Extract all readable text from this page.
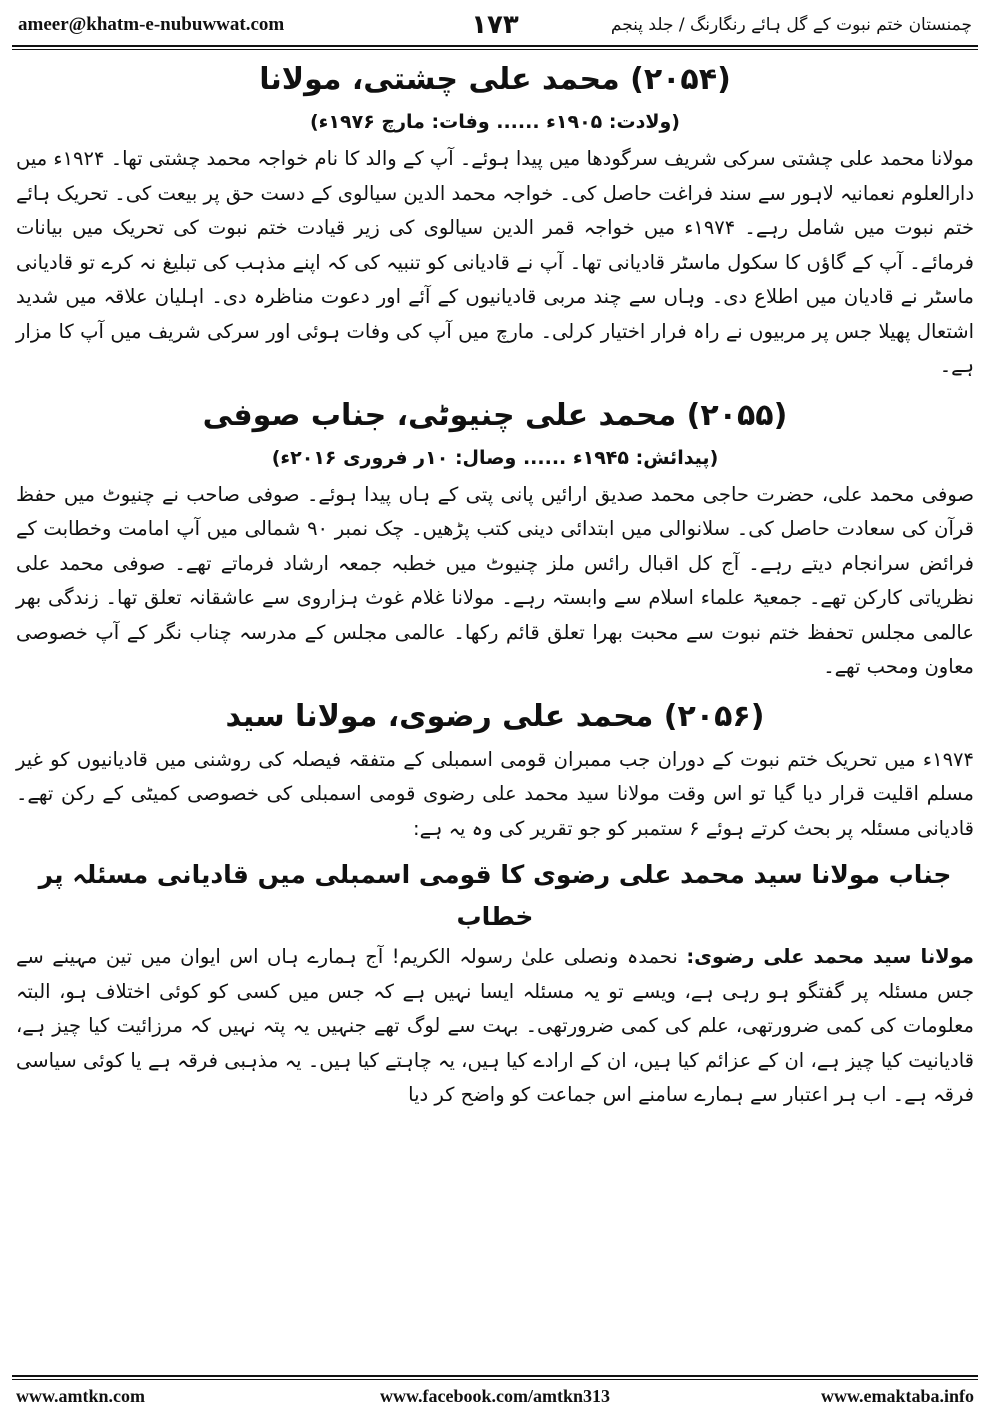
ameer@khatm-e-nubuwwat.com	۱۷۳	چمنستان ختم نبوت کے گل ہائے رنگارنگ / جلد پنجم
(۲۰۵۴) محمد علی چشتی، مولانا
(ولادت: ۱۹۰۵ء ...... وفات: مارچ ۱۹۷۶ء)

مولانا محمد علی چشتی سرکی شریف سرگودھا میں پیدا ہوئے۔ آپ کے والد کا نام خواجہ محمد چشتی تھا۔ ۱۹۲۴ء میں دارالعلوم نعمانیہ لاہور سے سند فراغت حاصل کی۔ خواجہ محمد الدین سیالوی کے دست حق پر بیعت کی۔ تحریک ہائے ختم نبوت میں شامل رہے۔ ۱۹۷۴ء میں خواجہ قمر الدین سیالوی کی زیر قیادت ختم نبوت کی تحریک میں بیانات فرمائے۔ آپ کے گاؤں کا سکول ماسٹر قادیانی تھا۔ آپ نے قادیانی کو تنبیہ کی کہ اپنے مذہب کی تبلیغ نہ کرے تو قادیانی ماسٹر نے قادیان میں اطلاع دی۔ وہاں سے چند مربی قادیانیوں کے آئے اور دعوت مناظرہ دی۔ اہلیان علاقہ میں شدید اشتعال پھیلا جس پر مربیوں نے راہ فرار اختیار کرلی۔ مارچ میں آپ کی وفات ہوئی اور سرکی شریف میں آپ کا مزار ہے۔

(۲۰۵۵) محمد علی چنیوٹی، جناب صوفی
(پیدائش: ۱۹۴۵ء ...... وصال: ۱۰ر فروری ۲۰۱۶ء)

صوفی محمد علی، حضرت حاجی محمد صدیق ارائیں پانی پتی کے ہاں پیدا ہوئے۔ صوفی صاحب نے چنیوٹ میں حفظ قرآن کی سعادت حاصل کی۔ سلانوالی میں ابتدائی دینی کتب پڑھیں۔ چک نمبر ۹۰ شمالی میں آپ امامت وخطابت کے فرائض سرانجام دیتے رہے۔ آج کل اقبال رائس ملز چنیوٹ میں خطبہ جمعہ ارشاد فرماتے تھے۔ صوفی محمد علی نظریاتی کارکن تھے۔ جمعیۃ علماء اسلام سے وابستہ رہے۔ مولانا غلام غوث ہزاروی سے عاشقانہ تعلق تھا۔ زندگی بھر عالمی مجلس تحفظ ختم نبوت سے محبت بھرا تعلق قائم رکھا۔ عالمی مجلس کے مدرسہ چناب نگر کے آپ خصوصی معاون ومحب تھے۔

(۲۰۵۶) محمد علی رضوی، مولانا سید

۱۹۷۴ء میں تحریک ختم نبوت کے دوران جب ممبران قومی اسمبلی کے متفقہ فیصلہ کی روشنی میں قادیانیوں کو غیر مسلم اقلیت قرار دیا گیا تو اس وقت مولانا سید محمد علی رضوی قومی اسمبلی کی خصوصی کمیٹی کے رکن تھے۔ قادیانی مسئلہ پر بحث کرتے ہوئے ۶ ستمبر کو جو تقریر کی وہ یہ ہے:

جناب مولانا سید محمد علی رضوی کا قومی اسمبلی میں قادیانی مسئلہ پر خطاب

مولانا سید محمد علی رضوی: نحمدہ ونصلی علیٰ رسولہ الکریم! آج ہمارے ہاں اس ایوان میں تین مہینے سے جس مسئلہ پر گفتگو ہو رہی ہے، ویسے تو یہ مسئلہ ایسا نہیں ہے کہ جس میں کسی کو کوئی اختلاف ہو، البتہ معلومات کی کمی ضرورتھی، علم کی کمی ضرورتھی۔ بہت سے لوگ تھے جنہیں یہ پتہ نہیں کہ مرزائیت کیا چیز ہے، قادیانیت کیا چیز ہے، ان کے عزائم کیا ہیں، ان کے ارادے کیا ہیں، یہ چاہتے کیا ہیں۔ یہ مذہبی فرقہ ہے یا کوئی سیاسی فرقہ ہے۔ اب ہر اعتبار سے ہمارے سامنے اس جماعت کو واضح کر دیا

www.amtkn.com	www.facebook.com/amtkn313	www.emaktaba.info
